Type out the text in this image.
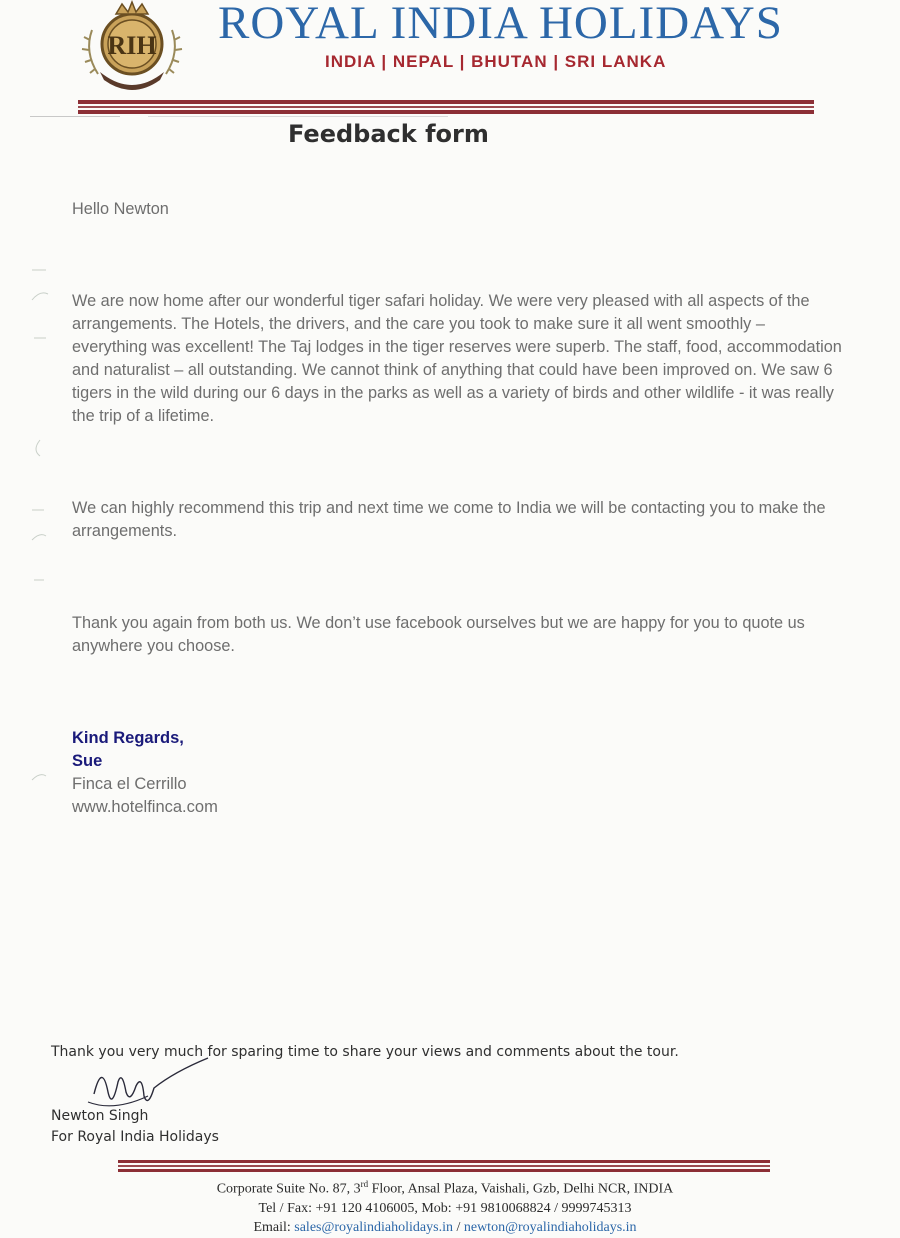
RIH ROYAL INDIA HOLIDAYS
INDIA | NEPAL | BHUTAN | SRI LANKA
Feedback form
Hello Newton

We are now home after our wonderful tiger safari holiday. We were very pleased with all aspects of the arrangements. The Hotels, the drivers, and the care you took to make sure it all went smoothly – everything was excellent! The Taj lodges in the tiger reserves were superb. The staff, food, accommodation and naturalist – all outstanding. We cannot think of anything that could have been improved on. We saw 6 tigers in the wild during our 6 days in the parks as well as a variety of birds and other wildlife - it was really the trip of a lifetime.

We can highly recommend this trip and next time we come to India we will be contacting you to make the arrangements.

Thank you again from both us. We don’t use facebook ourselves but we are happy for you to quote us anywhere you choose.

Kind Regards,
Sue
Finca el Cerrillo
www.hotelfinca.com
Thank you very much for sparing time to share your views and comments about the tour.
Newton Singh
For Royal India Holidays
Corporate Suite No. 87, 3rd Floor, Ansal Plaza, Vaishali, Gzb, Delhi NCR, INDIA
Tel / Fax: +91 120 4106005, Mob: +91 9810068824 / 9999745313
Email: sales@royalindiaholidays.in / newton@royalindiaholidays.in
